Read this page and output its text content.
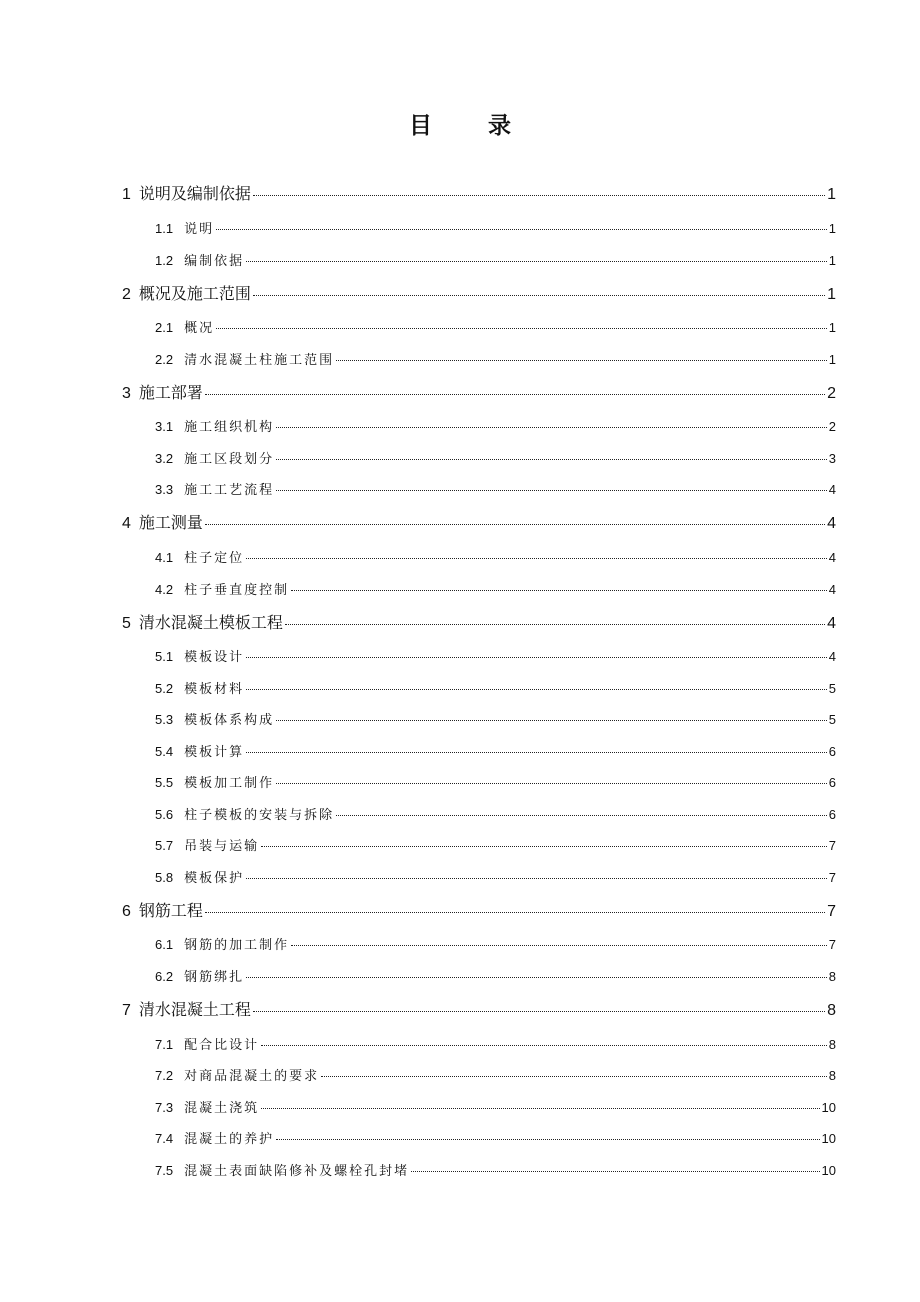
目 录
1 说明及编制依据	1
1.1 说明	1
1.2 编制依据	1
2 概况及施工范围	1
2.1 概况	1
2.2 清水混凝土柱施工范围	1
3 施工部署	2
3.1 施工组织机构	2
3.2 施工区段划分	3
3.3 施工工艺流程	4
4 施工测量	4
4.1 柱子定位	4
4.2 柱子垂直度控制	4
5 清水混凝土模板工程	4
5.1 模板设计	4
5.2 模板材料	5
5.3 模板体系构成	5
5.4 模板计算	6
5.5 模板加工制作	6
5.6 柱子模板的安装与拆除	6
5.7 吊装与运输	7
5.8 模板保护	7
6 钢筋工程	7
6.1 钢筋的加工制作	7
6.2 钢筋绑扎	8
7 清水混凝土工程	8
7.1 配合比设计	8
7.2 对商品混凝土的要求	8
7.3 混凝土浇筑	10
7.4 混凝土的养护	10
7.5 混凝土表面缺陷修补及螺栓孔封堵	10
